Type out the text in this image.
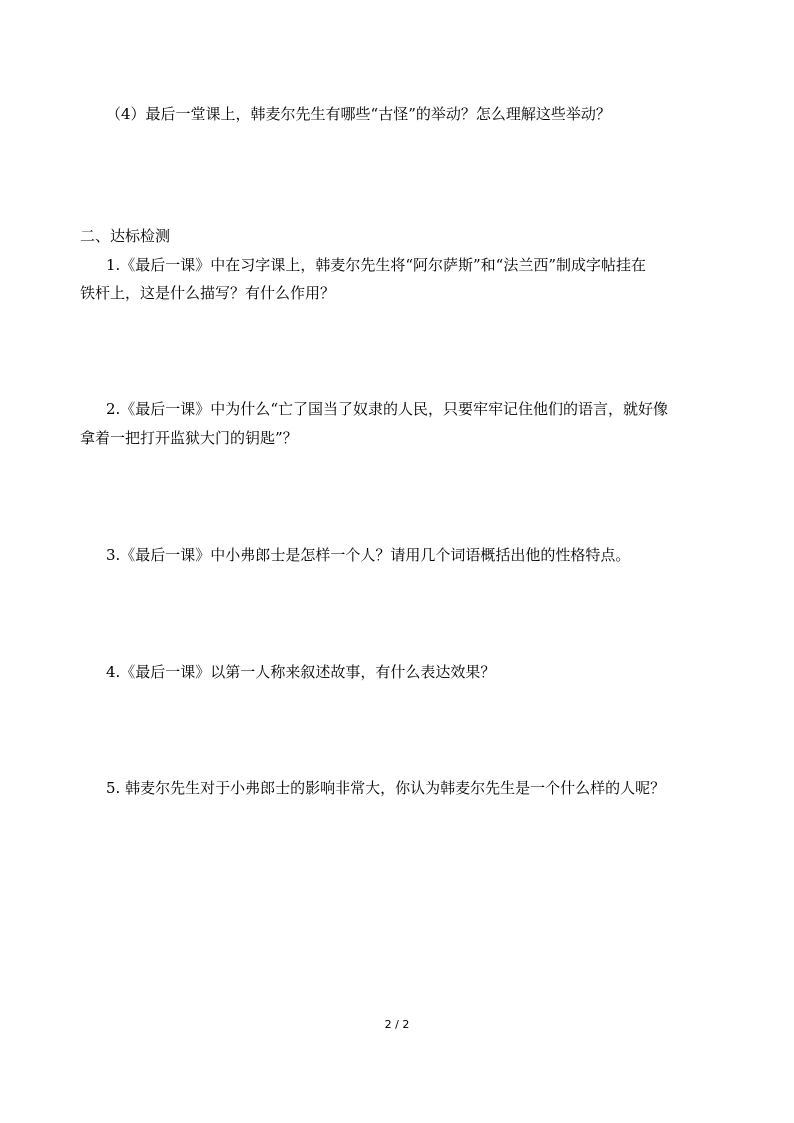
（4）最后一堂课上，韩麦尔先生有哪些“古怪”的举动？怎么理解这些举动？

二、达标检测

1.《最后一课》中在习字课上，韩麦尔先生将“阿尔萨斯”和“法兰西”制成字帖挂在

铁杆上，这是什么描写？有什么作用？

2.《最后一课》中为什么“亡了国当了奴隶的人民，只要牢牢记住他们的语言，就好像

拿着一把打开监狱大门的钥匙”？

3.《最后一课》中小弗郎士是怎样一个人？请用几个词语概括出他的性格特点。

4.《最后一课》以第一人称来叙述故事，有什么表达效果？

5. 韩麦尔先生对于小弗郎士的影响非常大，你认为韩麦尔先生是一个什么样的人呢？

2 / 2
